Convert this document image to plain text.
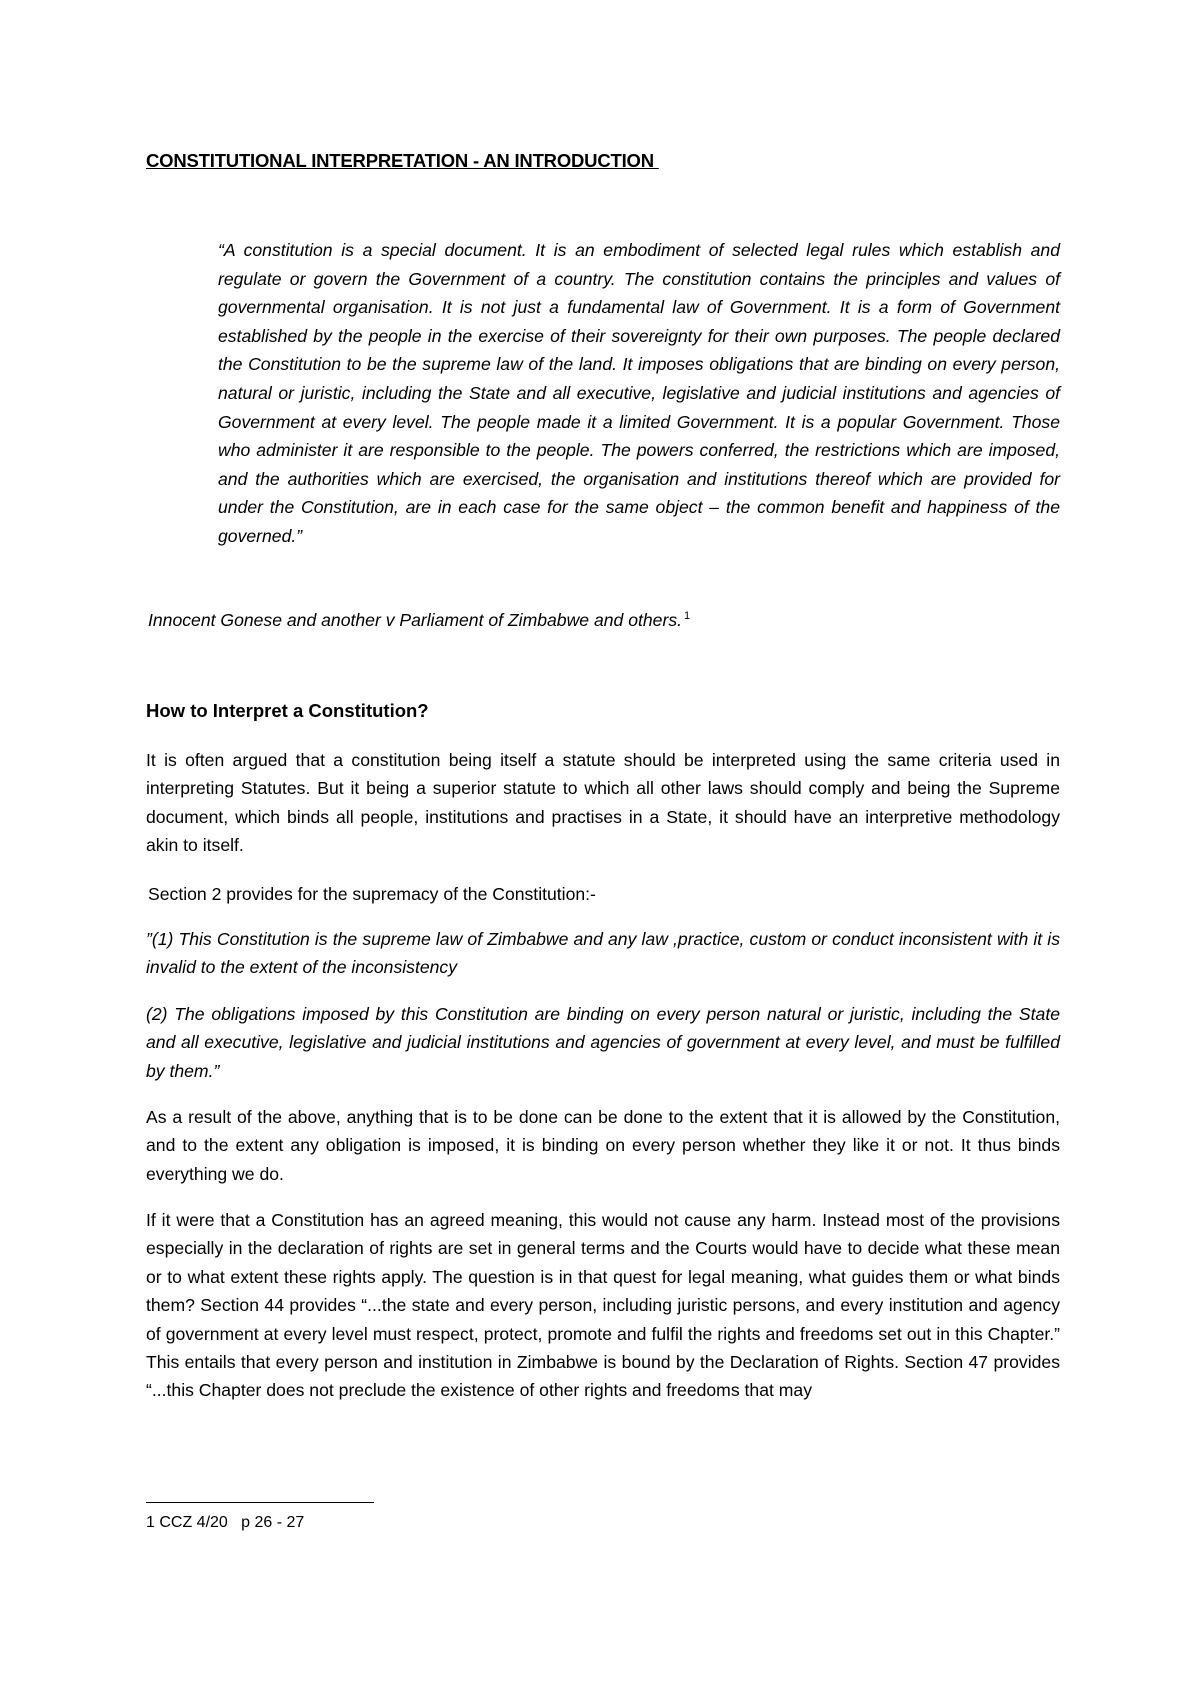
CONSTITUTIONAL INTERPRETATION - AN INTRODUCTION

“A constitution is a special document. It is an embodiment of selected legal rules which establish and regulate or govern the Government of a country. The constitution contains the principles and values of governmental organisation. It is not just a fundamental law of Government. It is a form of Government established by the people in the exercise of their sovereignty for their own purposes. The people declared the Constitution to be the supreme law of the land. It imposes obligations that are binding on every person, natural or juristic, including the State and all executive, legislative and judicial institutions and agencies of Government at every level. The people made it a limited Government. It is a popular Government. Those who administer it are responsible to the people. The powers conferred, the restrictions which are imposed, and the authorities which are exercised, the organisation and institutions thereof which are provided for under the Constitution, are in each case for the same object – the common benefit and happiness of the governed.”

Innocent Gonese and another v Parliament of Zimbabwe and others. $^1$

How to Interpret a Constitution?

It is often argued that a constitution being itself a statute should be interpreted using the same criteria used in interpreting Statutes. But it being a superior statute to which all other laws should comply and being the Supreme document, which binds all people, institutions and practises in a State, it should have an interpretive methodology akin to itself.

Section 2 provides for the supremacy of the Constitution:-

”(1) This Constitution is the supreme law of Zimbabwe and any law ,practice, custom or conduct inconsistent with it is invalid to the extent of the inconsistency

(2) The obligations imposed by this Constitution are binding on every person natural or juristic, including the State and all executive, legislative and judicial institutions and agencies of government at every level, and must be fulfilled by them.”

As a result of the above, anything that is to be done can be done to the extent that it is allowed by the Constitution, and to the extent any obligation is imposed, it is binding on every person whether they like it or not. It thus binds everything we do.

If it were that a Constitution has an agreed meaning, this would not cause any harm. Instead most of the provisions especially in the declaration of rights are set in general terms and the Courts would have to decide what these mean or to what extent these rights apply. The question is in that quest for legal meaning, what guides them or what binds them? Section 44 provides “...the state and every person, including juristic persons, and every institution and agency of government at every level must respect, protect, promote and fulfil the rights and freedoms set out in this Chapter.” This entails that every person and institution in Zimbabwe is bound by the Declaration of Rights. Section 47 provides “...this Chapter does not preclude the existence of other rights and freedoms that may

1 CCZ 4/20   p 26 - 27
